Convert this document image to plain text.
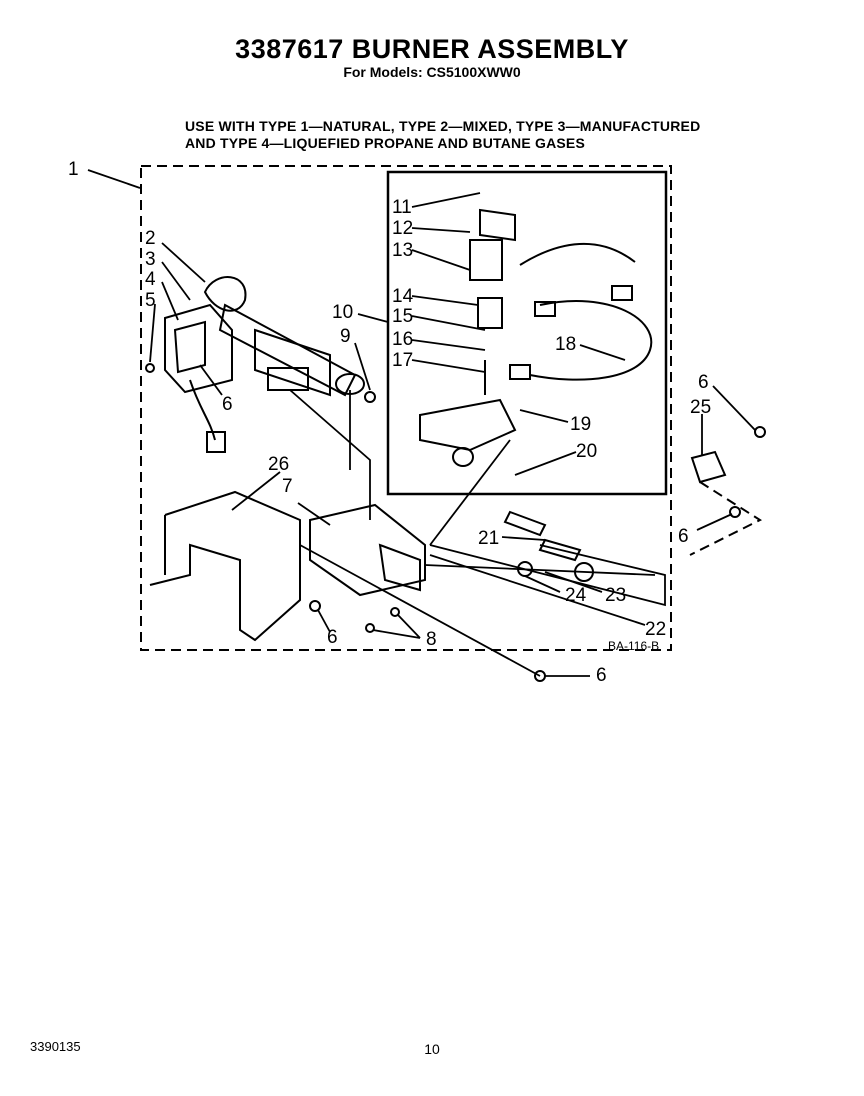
3387617 BURNER ASSEMBLY
For Models: CS5100XWW0
USE WITH TYPE 1—NATURAL, TYPE 2—MIXED, TYPE 3—MANUFACTURED
AND TYPE 4—LIQUEFIED PROPANE AND BUTANE GASES
1
2
3
4
5
6
26
7
9
10
11
12
13
14
15
16
17
18
19
20
21
22
23
24
25
6
6
6	8
6
BA-116-B
3390135	10
